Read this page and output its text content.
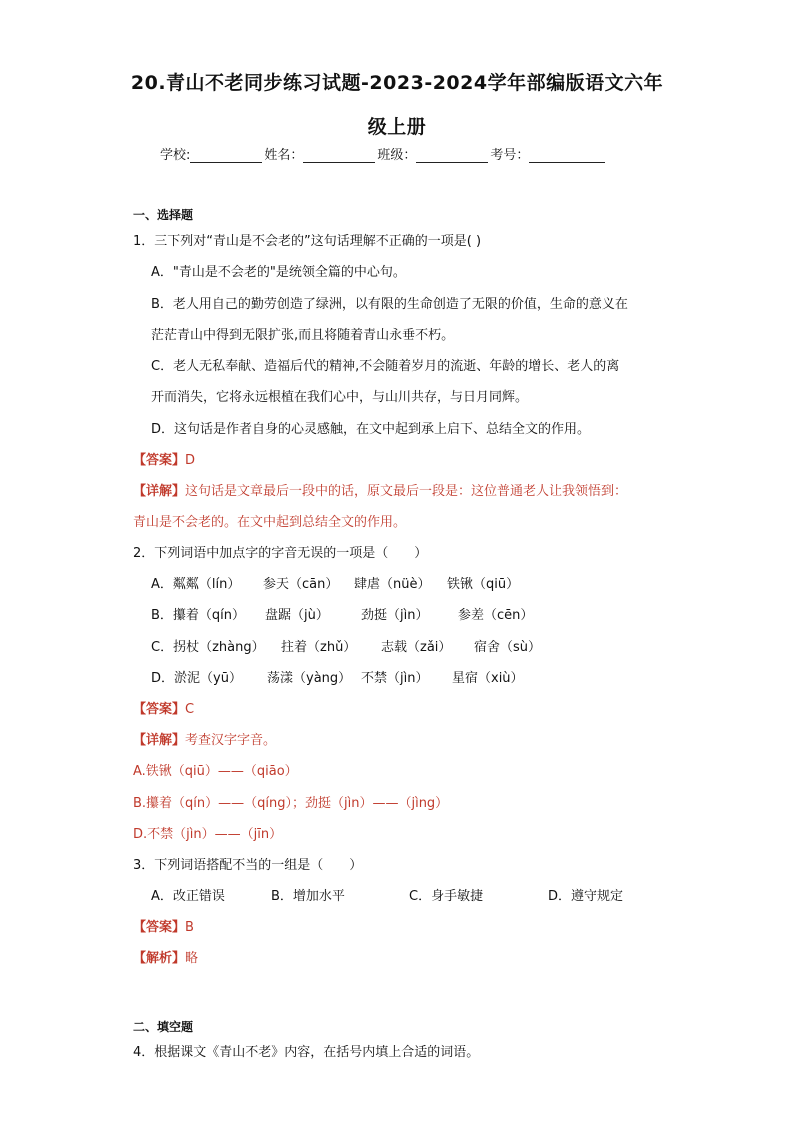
20.青山不老同步练习试题-2023-2024学年部编版语文六年
级上册
学校:	姓名：	班级：	考号：
一、选择题
1．三下列对“青山是不会老的”这句话理解不正确的一项是( )
A．"青山是不会老的"是统领全篇的中心句。
B．老人用自己的勤劳创造了绿洲，以有限的生命创造了无限的价值，生命的意义在
茫茫青山中得到无限扩张,而且将随着青山永垂不朽。
C．老人无私奉献、造福后代的精神,不会随着岁月的流逝、年龄的增长、老人的离
开而消失，它将永远根植在我们心中，与山川共存，与日月同辉。
D．这句话是作者自身的心灵感触，在文中起到承上启下、总结全文的作用。
【答案】D
【详解】这句话是文章最后一段中的话，原文最后一段是：这位普通老人让我领悟到：
青山是不会老的。在文中起到总结全文的作用。
2．下列词语中加点字的字音无误的一项是（　　）
A．粼粼（lín） 参天（cān） 肆虐（nüè） 铁锹（qiū）
B．攥着（qín） 盘踞（jù） 劲挺（jìn） 参差（cēn）
C．拐杖（zhàng） 拄着（zhǔ） 志载（zǎi） 宿舍（sù）
D．淤泥（yū） 荡漾（yàng） 不禁（jìn） 星宿（xiù）
【答案】C
【详解】考查汉字字音。
A.铁锹（qiū）——（qiāo）
B.攥着（qín）——（qíng）；劲挺（jìn）——（jìng）
D.不禁（jìn）——（jīn）
3．下列词语搭配不当的一组是（　　）
A．改正错误	B．增加水平	C．身手敏捷	D．遵守规定
【答案】B
【解析】略
二、填空题
4．根据课文《青山不老》内容，在括号内填上合适的词语。
